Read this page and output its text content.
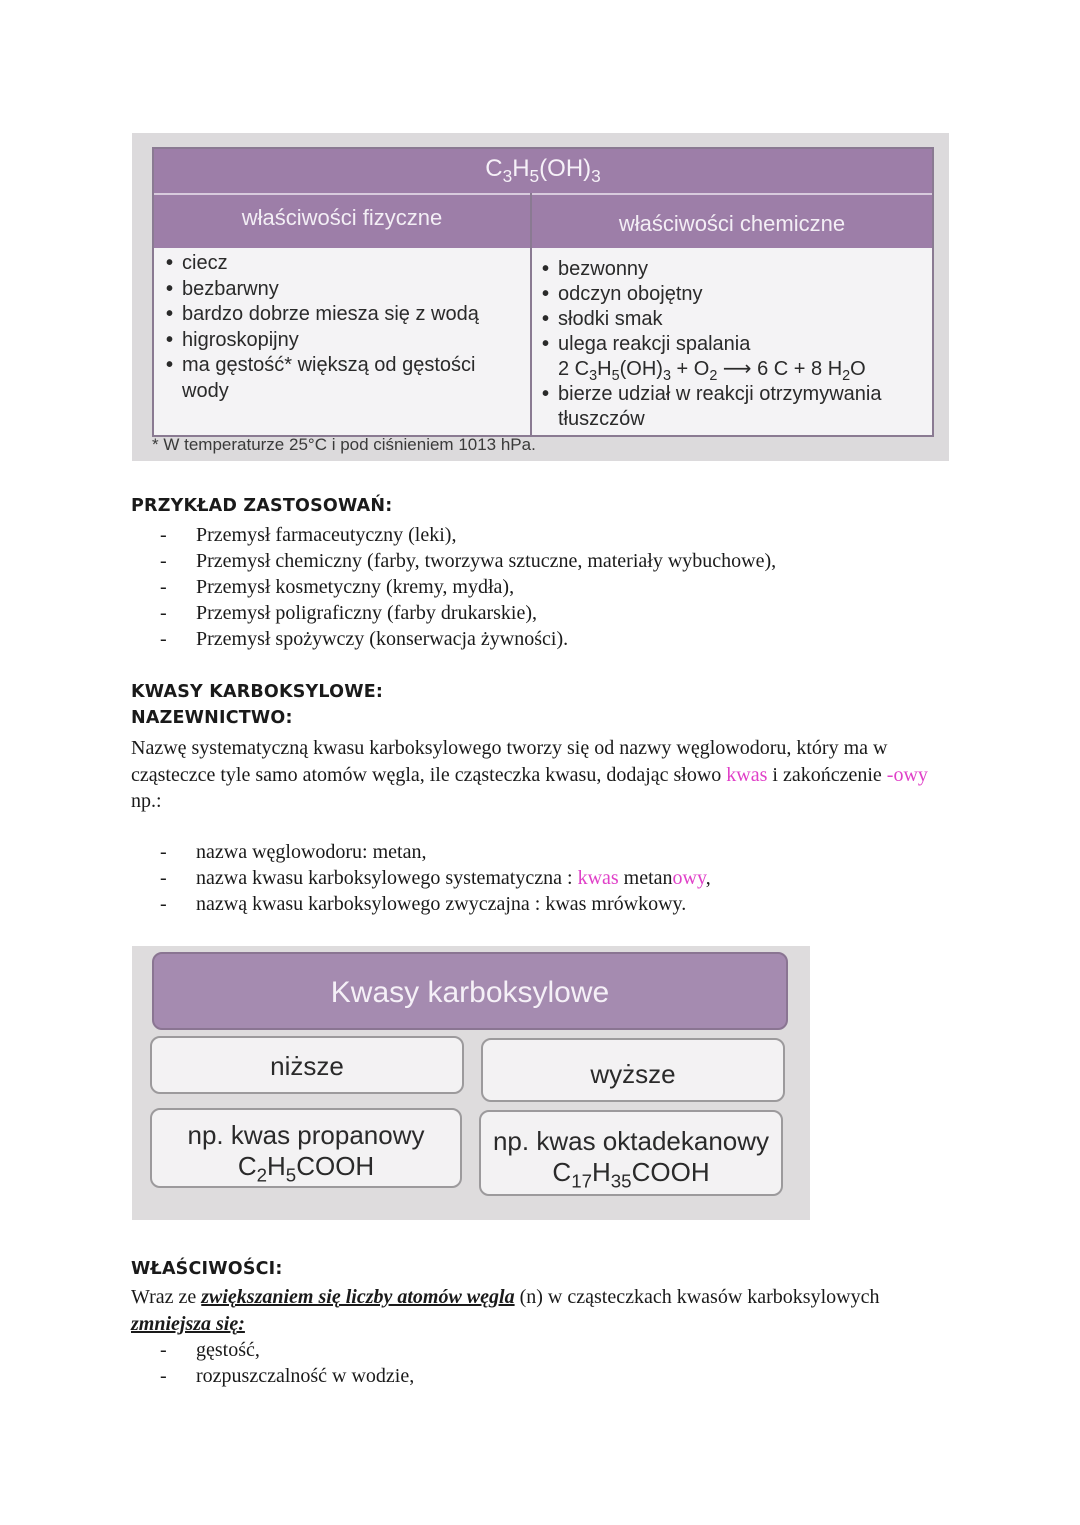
$C_3H_5(OH)_3$
właściwości fizyczne	właściwości chemiczne
• ciecz
• bezbarwny
• bardzo dobrze miesza się z wodą
• higroskopijny
• ma gęstość* większą od gęstości wody
• bezwonny
• odczyn obojętny
• słodki smak
• ulega reakcji spalania
2 $C_3H_5(OH)_3 + O_2$ ⟶ 6 C + 8 $H_2O$
• bierze udział w reakcji otrzymywania tłuszczów
* W temperaturze 25°C i pod ciśnieniem 1013 hPa.
PRZYKŁAD ZASTOSOWAŃ:
- Przemysł farmaceutyczny (leki),
- Przemysł chemiczny (farby, tworzywa sztuczne, materiały wybuchowe),
- Przemysł kosmetyczny (kremy, mydła),
- Przemysł poligraficzny (farby drukarskie),
- Przemysł spożywczy (konserwacja żywności).
KWASY KARBOKSYLOWE:
NAZEWNICTWO:
Nazwę systematyczną kwasu karboksylowego tworzy się od nazwy węglowodoru, który ma w cząsteczce tyle samo atomów węgla, ile cząsteczka kwasu, dodając słowo kwas i zakończenie -owy np.:
- nazwa węglowodoru: metan,
- nazwa kwasu karboksylowego systematyczna : kwas metanowy,
- nazwą kwasu karboksylowego zwyczajna : kwas mrówkowy.
Kwasy karboksylowe
niższe	wyższe
np. kwas propanowy
$C_2H_5COOH$
np. kwas oktadekanowy
$C_{17}H_{35}COOH$
WŁAŚCIWOŚCI:
Wraz ze zwiększaniem się liczby atomów węgla (n) w cząsteczkach kwasów karboksylowych zmniejsza się:
- gęstość,
- rozpuszczalność w wodzie,
